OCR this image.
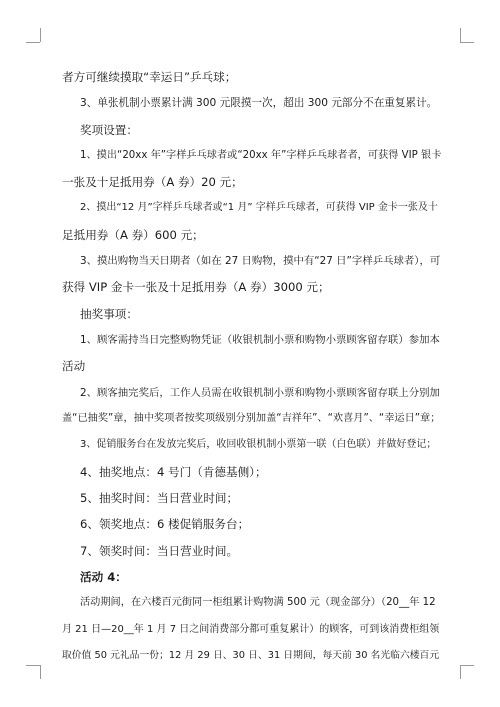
者方可继续摸取“幸运日”乒乓球；
3、单张机制小票累计满 300 元限摸一次，超出 300 元部分不在重复累计。
奖项设置：
1、摸出“20xx 年”字样乒乓球者或“20xx 年”字样乒乓球者者，可获得 VIP 银卡
一张及十足抵用券（A 券）20 元；
2、摸出“12 月”字样乒乓球者或“1 月” 字样乒乓球者，可获得 VIP 金卡一张及十
足抵用券（A 券）600 元；
3、摸出购物当天日期者（如在 27 日购物，摸中有“27 日”字样乒乓球者），可
获得 VIP 金卡一张及十足抵用券（A 券）3000 元；
抽奖事项：
1、顾客需持当日完整购物凭证（收银机制小票和购物小票顾客留存联）参加本
活动
2、顾客抽完奖后，工作人员需在收银机制小票和购物小票顾客留存联上分别加
盖“已抽奖”章，抽中奖项者按奖项级别分别加盖“吉祥年”、“欢喜月”、“幸运日”章；
3、促销服务台在发放完奖后，收回收银机制小票第一联（白色联）并做好登记；
4、抽奖地点：4 号门（肯德基侧）；
5、抽奖时间：当日营业时间；
6、领奖地点：6 楼促销服务台；
7、领奖时间：当日营业时间。
活动 4：
活动期间，在六楼百元街同一柜组累计购物满 500 元（现金部分）（20__年 12
月 21 日—20__年 1 月 7 日之间消费部分都可重复累计）的顾客，可到该消费柜组领
取价值 50 元礼品一份；12 月 29 日、30 日、31 日期间，每天前 30 名光临六楼百元
